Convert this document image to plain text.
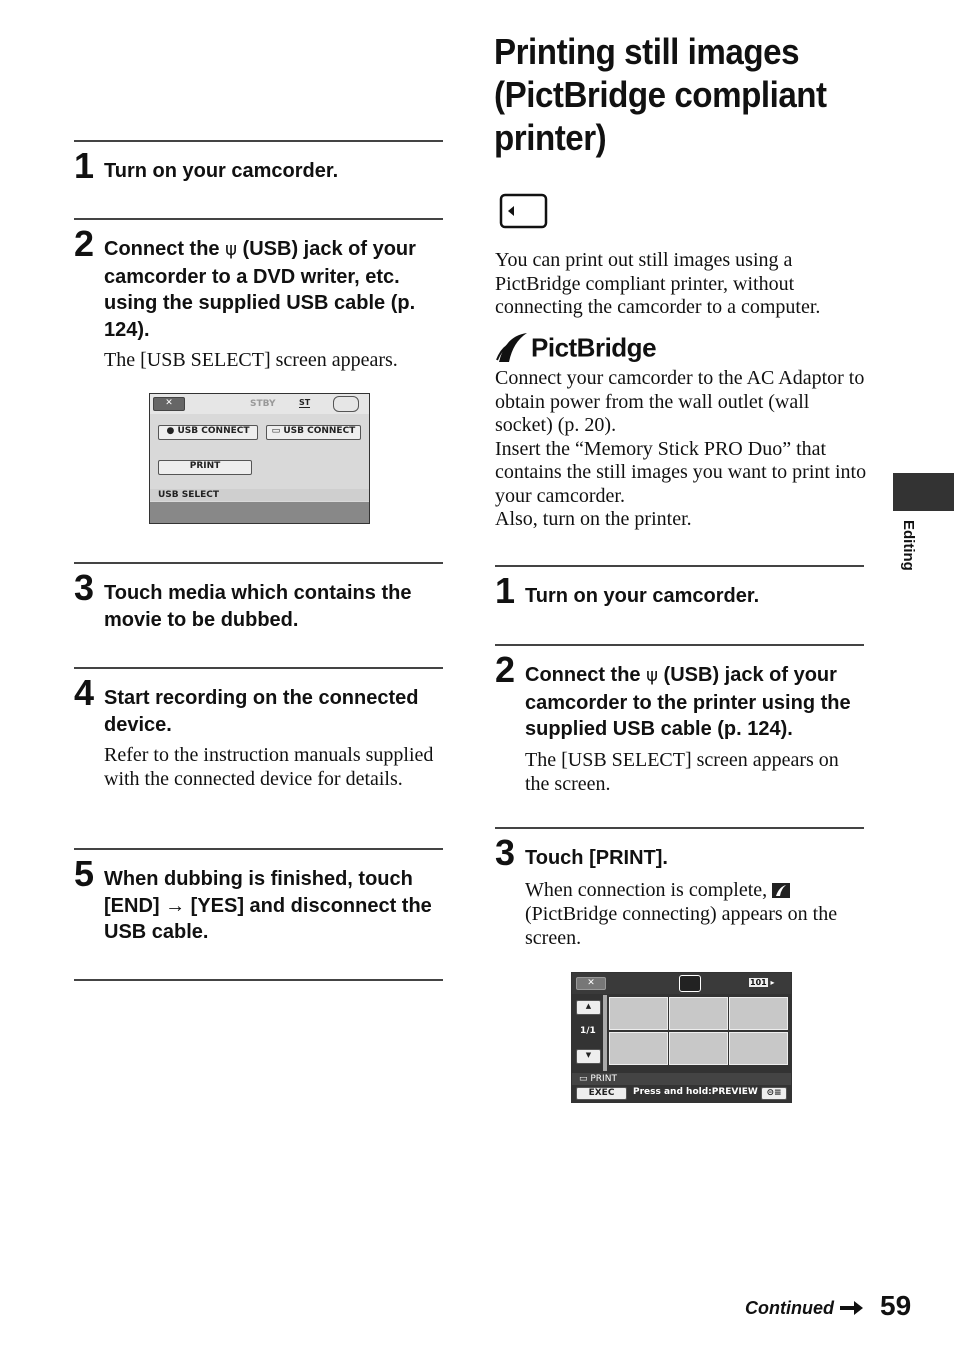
1 Turn on your camcorder.
2 Connect the ψ (USB) jack of your camcorder to a DVD writer, etc. using the supplied USB cable (p. 124).
The [USB SELECT] screen appears.
✕	STBY	ST
● USB CONNECT	▭ USB CONNECT
PRINT
USB SELECT
3 Touch media which contains the movie to be dubbed.
4 Start recording on the connected device.
Refer to the instruction manuals supplied with the connected device for details.
5 When dubbing is finished, touch [END] → [YES] and disconnect the USB cable.
Printing still images (PictBridge compliant printer)
You can print out still images using a PictBridge compliant printer, without connecting the camcorder to a computer.
PictBridge
Connect your camcorder to the AC Adaptor to obtain power from the wall outlet (wall socket) (p. 20).
Insert the “Memory Stick PRO Duo” that contains the still images you want to print into your camcorder.
Also, turn on the printer.
1 Turn on your camcorder.
2 Connect the ψ (USB) jack of your camcorder to the printer using the supplied USB cable (p. 124).
The [USB SELECT] screen appears on the screen.
3 Touch [PRINT].
When connection is complete,
(PictBridge connecting) appears on the screen.
✕	101 ▸
▲
1/1
▼
▭ PRINT
EXEC	Press and hold:PREVIEW ⊝≡
Editing
Continued 59
